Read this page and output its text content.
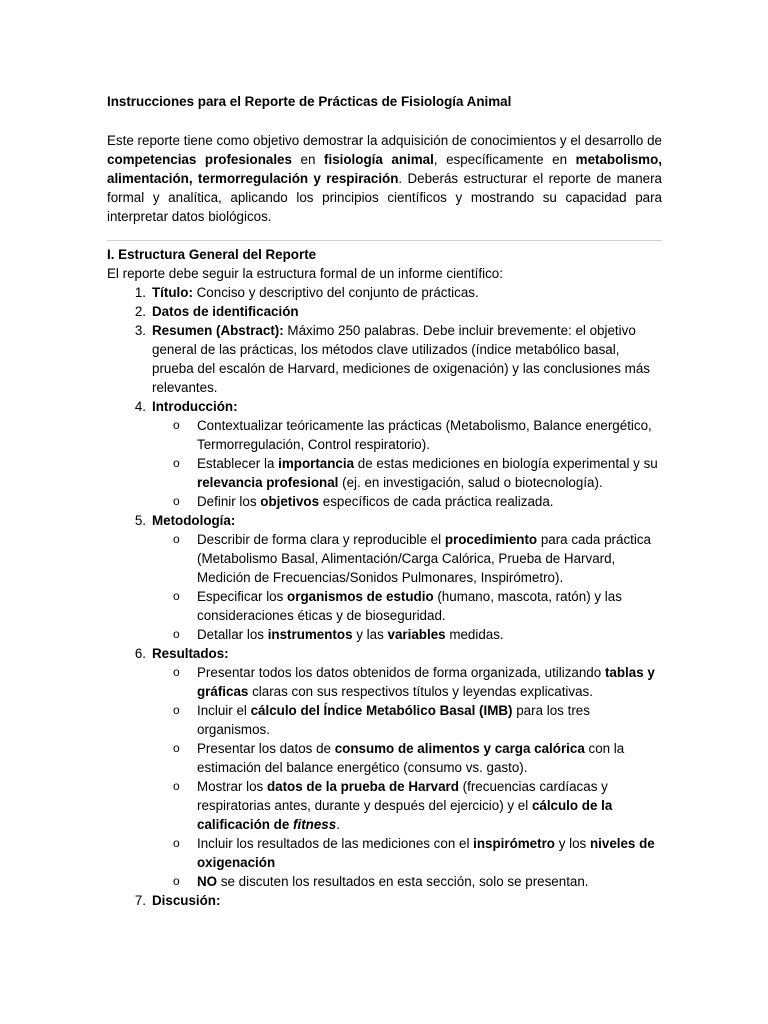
Instrucciones para el Reporte de Prácticas de Fisiología Animal

Este reporte tiene como objetivo demostrar la adquisición de conocimientos y el desarrollo de competencias profesionales en fisiología animal, específicamente en metabolismo, alimentación, termorregulación y respiración. Deberás estructurar el reporte de manera formal y analítica, aplicando los principios científicos y mostrando su capacidad para interpretar datos biológicos.

I. Estructura General del Reporte
El reporte debe seguir la estructura formal de un informe científico:
1. Título: Conciso y descriptivo del conjunto de prácticas.
2. Datos de identificación
3. Resumen (Abstract): Máximo 250 palabras. Debe incluir brevemente: el objetivo general de las prácticas, los métodos clave utilizados (índice metabólico basal, prueba del escalón de Harvard, mediciones de oxigenación) y las conclusiones más relevantes.
4. Introducción:
o Contextualizar teóricamente las prácticas (Metabolismo, Balance energético, Termorregulación, Control respiratorio).
o Establecer la importancia de estas mediciones en biología experimental y su relevancia profesional (ej. en investigación, salud o biotecnología).
o Definir los objetivos específicos de cada práctica realizada.
5. Metodología:
o Describir de forma clara y reproducible el procedimiento para cada práctica (Metabolismo Basal, Alimentación/Carga Calórica, Prueba de Harvard, Medición de Frecuencias/Sonidos Pulmonares, Inspirómetro).
o Especificar los organismos de estudio (humano, mascota, ratón) y las consideraciones éticas y de bioseguridad.
o Detallar los instrumentos y las variables medidas.
6. Resultados:
o Presentar todos los datos obtenidos de forma organizada, utilizando tablas y gráficas claras con sus respectivos títulos y leyendas explicativas.
o Incluir el cálculo del Índice Metabólico Basal (IMB) para los tres organismos.
o Presentar los datos de consumo de alimentos y carga calórica con la estimación del balance energético (consumo vs. gasto).
o Mostrar los datos de la prueba de Harvard (frecuencias cardíacas y respiratorias antes, durante y después del ejercicio) y el cálculo de la calificación de fitness.
o Incluir los resultados de las mediciones con el inspirómetro y los niveles de oxigenación
o NO se discuten los resultados en esta sección, solo se presentan.
7. Discusión:
